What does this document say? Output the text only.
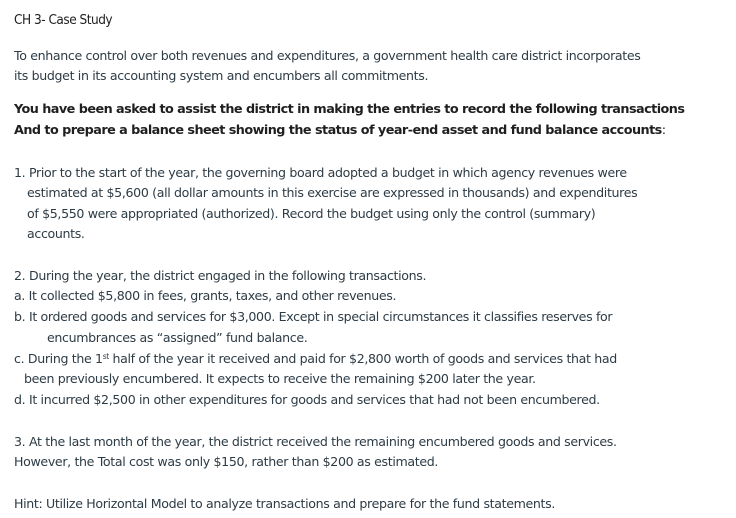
CH 3- Case Study
To enhance control over both revenues and expenditures, a government health care district incorporates
its budget in its accounting system and encumbers all commitments.
You have been asked to assist the district in making the entries to record the following transactions
And to prepare a balance sheet showing the status of year-end asset and fund balance accounts:
1. Prior to the start of the year, the governing board adopted a budget in which agency revenues were
estimated at $5,600 (all dollar amounts in this exercise are expressed in thousands) and expenditures
of $5,550 were appropriated (authorized). Record the budget using only the control (summary)
accounts.
2. During the year, the district engaged in the following transactions.
a. It collected $5,800 in fees, grants, taxes, and other revenues.
b. It ordered goods and services for $3,000. Except in special circumstances it classifies reserves for
encumbrances as “assigned” fund balance.
c. During the 1st half of the year it received and paid for $2,800 worth of goods and services that had
been previously encumbered. It expects to receive the remaining $200 later the year.
d. It incurred $2,500 in other expenditures for goods and services that had not been encumbered.
3. At the last month of the year, the district received the remaining encumbered goods and services.
However, the Total cost was only $150, rather than $200 as estimated.
Hint: Utilize Horizontal Model to analyze transactions and prepare for the fund statements.
